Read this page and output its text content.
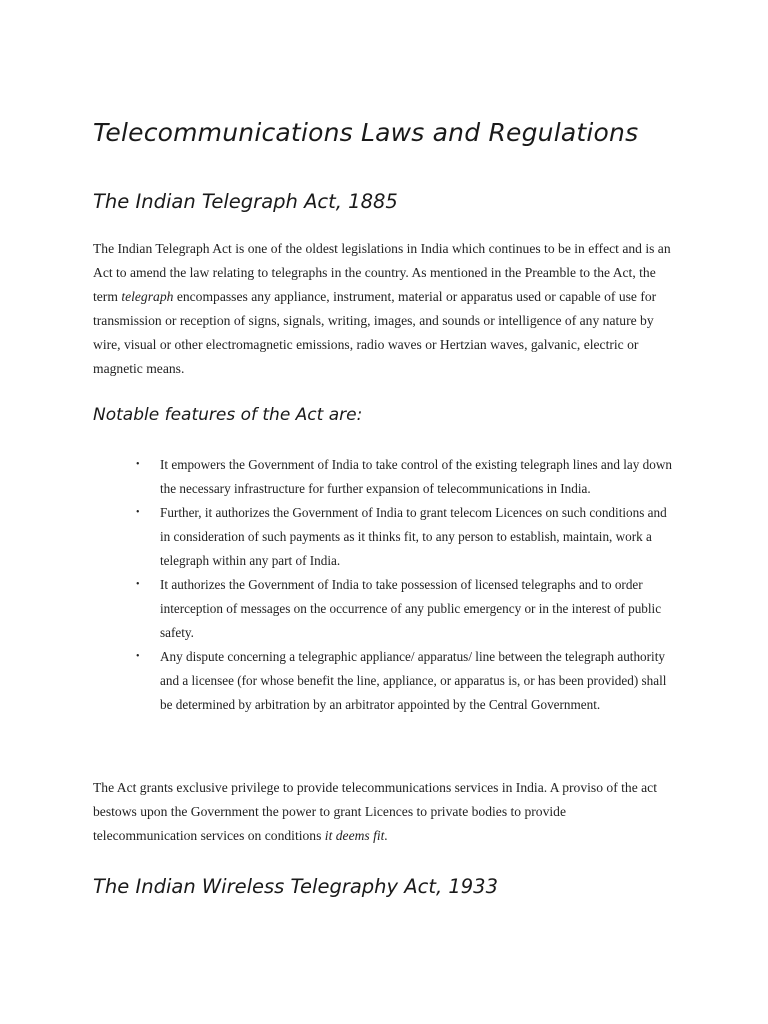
Telecommunications Laws and Regulations
The Indian Telegraph Act, 1885

The Indian Telegraph Act is one of the oldest legislations in India which continues to be in effect and is an Act to amend the law relating to telegraphs in the country. As mentioned in the Preamble to the Act, the term telegraph encompasses any appliance, instrument, material or apparatus used or capable of use for transmission or reception of signs, signals, writing, images, and sounds or intelligence of any nature by wire, visual or other electromagnetic emissions, radio waves or Hertzian waves, galvanic, electric or magnetic means.

Notable features of the Act are:
• It empowers the Government of India to take control of the existing telegraph lines and lay down the necessary infrastructure for further expansion of telecommunications in India.
• Further, it authorizes the Government of India to grant telecom Licences on such conditions and in consideration of such payments as it thinks fit, to any person to establish, maintain, work a telegraph within any part of India.
• It authorizes the Government of India to take possession of licensed telegraphs and to order interception of messages on the occurrence of any public emergency or in the interest of public safety.
• Any dispute concerning a telegraphic appliance/ apparatus/ line between the telegraph authority and a licensee (for whose benefit the line, appliance, or apparatus is, or has been provided) shall be determined by arbitration by an arbitrator appointed by the Central Government.

The Act grants exclusive privilege to provide telecommunications services in India. A proviso of the act bestows upon the Government the power to grant Licences to private bodies to provide telecommunication services on conditions it deems fit.

The Indian Wireless Telegraphy Act, 1933
